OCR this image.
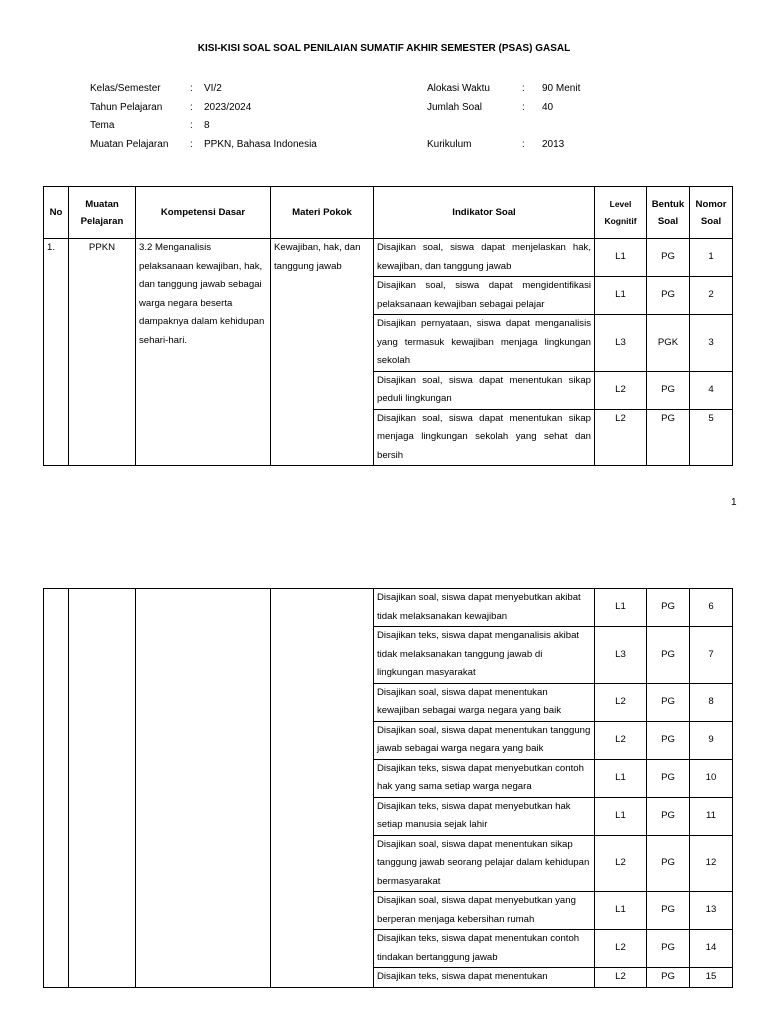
KISI-KISI SOAL SOAL PENILAIAN SUMATIF AKHIR SEMESTER (PSAS) GASAL
Kelas/Semester	:	VI/2
Tahun Pelajaran	:	2023/2024
Tema	:	8
Muatan Pelajaran	:	PPKN, Bahasa Indonesia
Alokasi Waktu	:	90 Menit
Jumlah Soal	:	40
Kurikulum	:	2013
No	Muatan Pelajaran	Kompetensi Dasar	Materi Pokok	Indikator Soal	Level Kognitif	Bentuk Soal	Nomor Soal
1.	PPKN	3.2 Menganalisis pelaksanaan kewajiban, hak, dan tanggung jawab sebagai warga negara beserta dampaknya dalam kehidupan sehari-hari.	Kewajiban, hak, dan tanggung jawab	Disajikan soal, siswa dapat menjelaskan hak, kewajiban, dan tanggung jawab	L1	PG	1
				Disajikan soal, siswa dapat mengidentifikasi pelaksanaan kewajiban sebagai pelajar	L1	PG	2
				Disajikan pernyataan, siswa dapat menganalisis yang termasuk kewajiban menjaga lingkungan sekolah	L3	PGK	3
				Disajikan soal, siswa dapat menentukan sikap peduli lingkungan	L2	PG	4
				Disajikan soal, siswa dapat menentukan sikap menjaga lingkungan sekolah yang sehat dan bersih	L2	PG	5
1
				Disajikan soal, siswa dapat menyebutkan akibat tidak melaksanakan kewajiban	L1	PG	6
				Disajikan teks, siswa dapat menganalisis akibat tidak melaksanakan tanggung jawab di lingkungan masyarakat	L3	PG	7
				Disajikan soal, siswa dapat menentukan kewajiban sebagai warga negara yang baik	L2	PG	8
				Disajikan soal, siswa dapat menentukan tanggung jawab sebagai warga negara yang baik	L2	PG	9
				Disajikan teks, siswa dapat menyebutkan contoh hak yang sama setiap warga negara	L1	PG	10
				Disajikan teks, siswa dapat menyebutkan hak setiap manusia sejak lahir	L1	PG	11
				Disajikan soal, siswa dapat menentukan sikap tanggung jawab seorang pelajar dalam kehidupan bermasyarakat	L2	PG	12
				Disajikan soal, siswa dapat menyebutkan yang berperan menjaga kebersihan rumah	L1	PG	13
				Disajikan teks, siswa dapat menentukan contoh tindakan bertanggung jawab	L2	PG	14
				Disajikan teks, siswa dapat menentukan	L2	PG	15
